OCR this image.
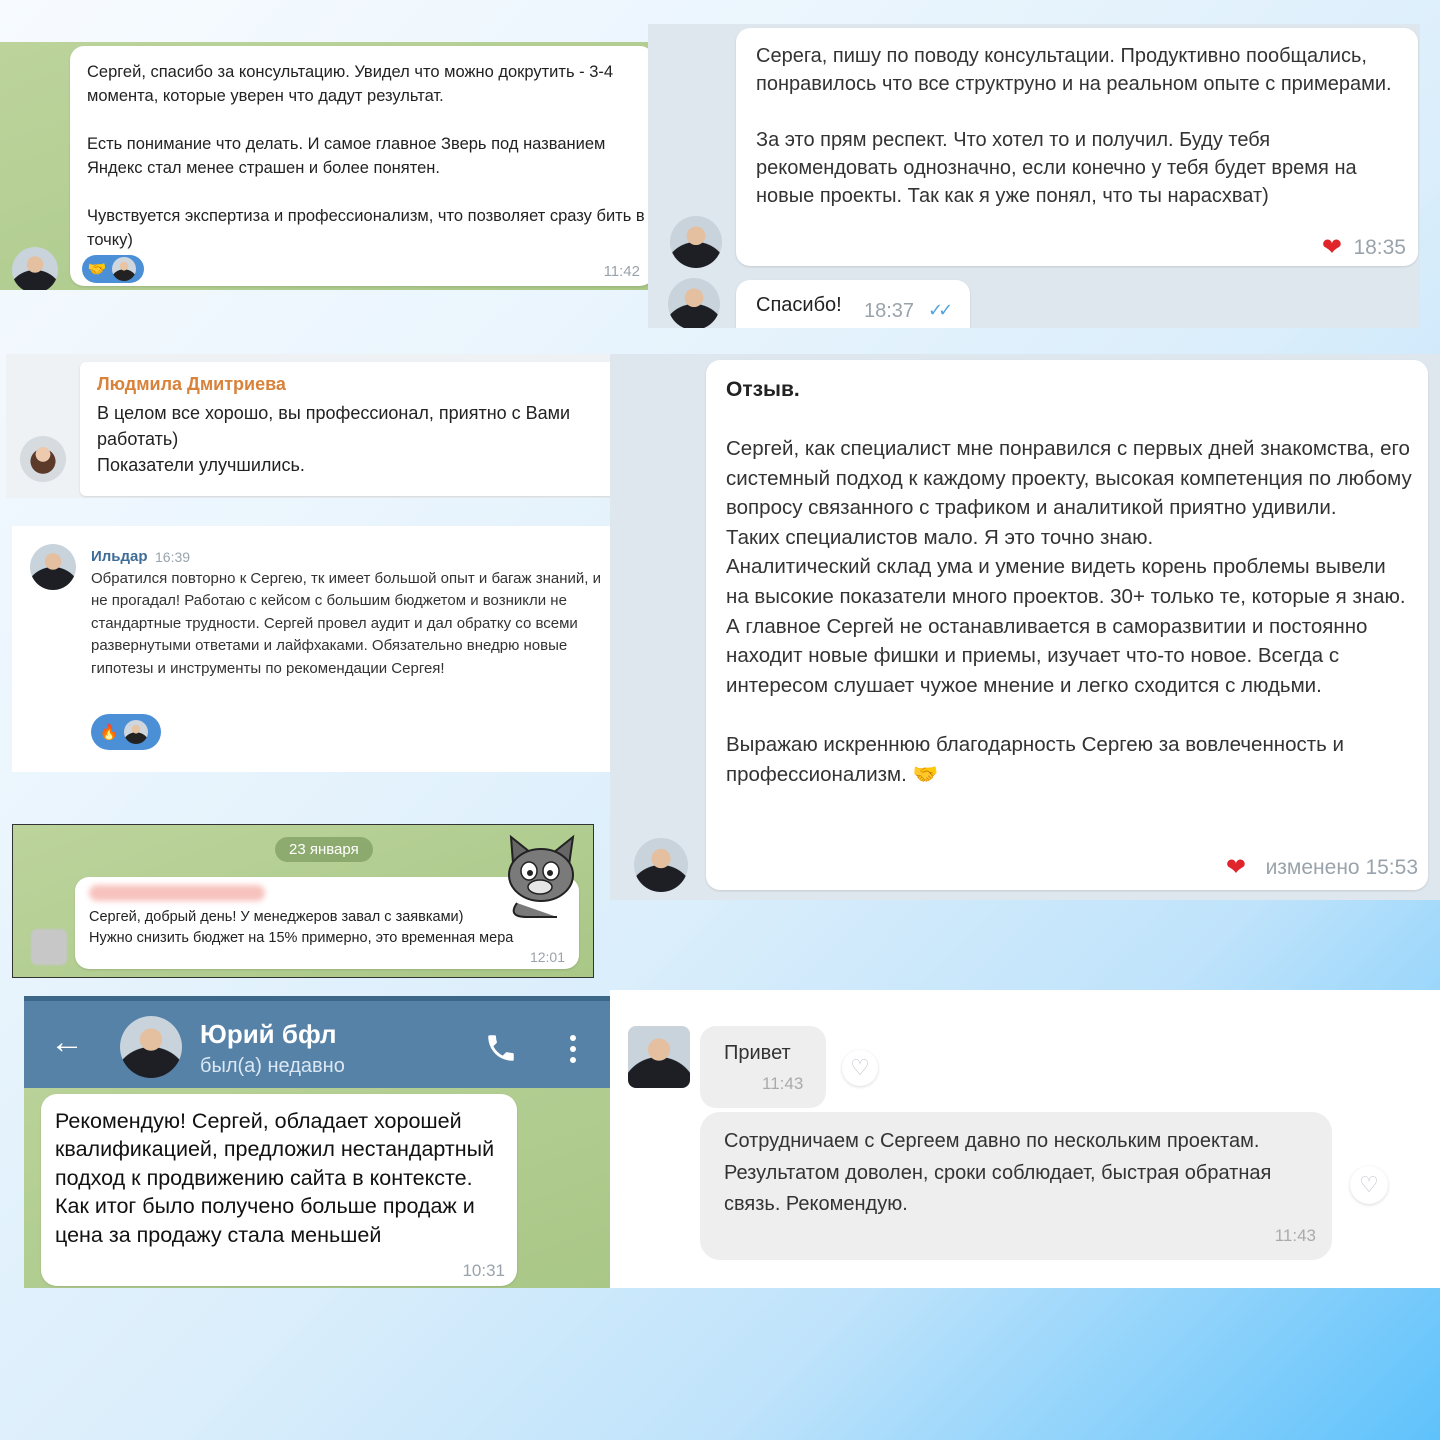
Сергей, спасибо за консультацию. Увидел что можно докрутить - 3-4 момента, которые уверен что дадут результат.

Есть понимание что делать. И самое главное Зверь под названием Яндекс стал менее страшен и более понятен.

Чувствуется экспертиза и профессионализм, что позволяет сразу бить в точку)
🤝	11:42
Серега, пишу по поводу консультации. Продуктивно пообщались, понравилось что все структруно и на реальном опыте с примерами.

За это прям респект. Что хотел то и получил. Буду тебя рекомендовать однозначно, если конечно у тебя будет время на новые проекты. Так как я уже понял, что ты нарасхват)
❤ 18:35
Спасибо! 18:37 ✓✓
Людмила Дмитриева
В целом все хорошо, вы профессионал, приятно с Вами работать)
Показатели улучшились.
Ильдар 16:39
Обратился повторно к Сергею, тк имеет большой опыт и багаж знаний, и не прогадал! Работаю с кейсом с большим бюджетом и возникли не стандартные трудности. Сергей провел аудит и дал обратку со всеми развернутыми ответами и лайфхаками. Обязательно внедрю новые гипотезы и инструменты по рекомендации Сергея!
🔥
Отзыв.
Сергей, как специалист мне понравился с первых дней знакомства, его системный подход к каждому проекту, высокая компетенция по любому вопросу связанного с трафиком и аналитикой приятно удивили.
Таких специалистов мало. Я это точно знаю.
Аналитический склад ума и умение видеть корень проблемы вывели на высокие показатели много проектов. 30+ только те, которые я знаю.
А главное Сергей не останавливается в саморазвитии и постоянно находит новые фишки и приемы, изучает что-то новое. Всегда с интересом слушает чужое мнение и легко сходится с людьми.

Выражаю искреннюю благодарность Сергею за вовлеченность и профессионализм. 🤝
❤ изменено 15:53
23 января
Сергей, добрый день! У менеджеров завал с заявками)
Нужно снизить бюджет на 15% примерно, это временная мера
12:01
←	Юрий бфл
был(а) недавно
Рекомендую! Сергей, обладает хорошей квалификацией, предложил нестандартный подход к продвижению сайта в контексте. Как итог было получено больше продаж и цена за продажу стала меньшей
10:31
Привет
11:43
♡
Сотрудничаем с Сергеем давно по нескольким проектам. Результатом доволен, сроки соблюдает, быстрая обратная связь. Рекомендую.
11:43
♡
